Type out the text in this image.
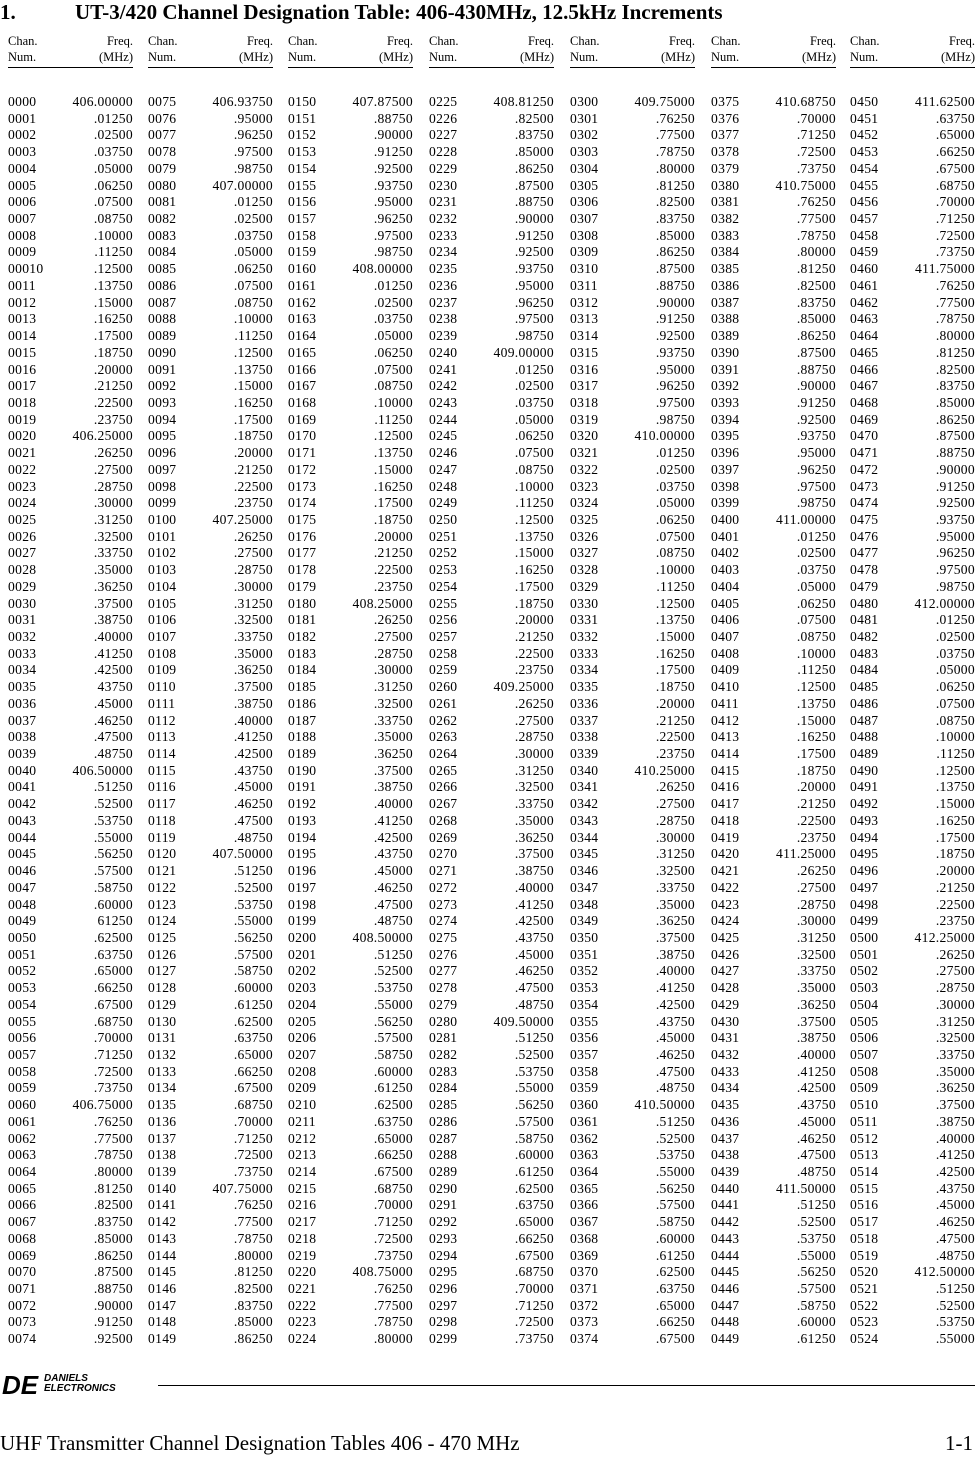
1.	UT-3/420 Channel Designation Table: 406-430MHz, 12.5kHz Increments
Chan.
Num.
Freq.
(MHz)
0000	406.00000
0001	.01250
0002	.02500
0003	.03750
0004	.05000
0005	.06250
0006	.07500
0007	.08750
0008	.10000
0009	.11250
00010	.12500
0011	.13750
0012	.15000
0013	.16250
0014	.17500
0015	.18750
0016	.20000
0017	.21250
0018	.22500
0019	.23750
0020	406.25000
0021	.26250
0022	.27500
0023	.28750
0024	.30000
0025	.31250
0026	.32500
0027	.33750
0028	.35000
0029	.36250
0030	.37500
0031	.38750
0032	.40000
0033	.41250
0034	.42500
0035	43750
0036	.45000
0037	.46250
0038	.47500
0039	.48750
0040	406.50000
0041	.51250
0042	.52500
0043	.53750
0044	.55000
0045	.56250
0046	.57500
0047	.58750
0048	.60000
0049	61250
0050	.62500
0051	.63750
0052	.65000
0053	.66250
0054	.67500
0055	.68750
0056	.70000
0057	.71250
0058	.72500
0059	.73750
0060	406.75000
0061	.76250
0062	.77500
0063	.78750
0064	.80000
0065	.81250
0066	.82500
0067	.83750
0068	.85000
0069	.86250
0070	.87500
0071	.88750
0072	.90000
0073	.91250
0074	.92500
Chan.
Num.
Freq.
(MHz)
0075	406.93750
0076	.95000
0077	.96250
0078	.97500
0079	.98750
0080	407.00000
0081	.01250
0082	.02500
0083	.03750
0084	.05000
0085	.06250
0086	.07500
0087	.08750
0088	.10000
0089	.11250
0090	.12500
0091	.13750
0092	.15000
0093	.16250
0094	.17500
0095	.18750
0096	.20000
0097	.21250
0098	.22500
0099	.23750
0100	407.25000
0101	.26250
0102	.27500
0103	.28750
0104	.30000
0105	.31250
0106	.32500
0107	.33750
0108	.35000
0109	.36250
0110	.37500
0111	.38750
0112	.40000
0113	.41250
0114	.42500
0115	.43750
0116	.45000
0117	.46250
0118	.47500
0119	.48750
0120	407.50000
0121	.51250
0122	.52500
0123	.53750
0124	.55000
0125	.56250
0126	.57500
0127	.58750
0128	.60000
0129	.61250
0130	.62500
0131	.63750
0132	.65000
0133	.66250
0134	.67500
0135	.68750
0136	.70000
0137	.71250
0138	.72500
0139	.73750
0140	407.75000
0141	.76250
0142	.77500
0143	.78750
0144	.80000
0145	.81250
0146	.82500
0147	.83750
0148	.85000
0149	.86250
Chan.
Num.
Freq.
(MHz)
0150	407.87500
0151	.88750
0152	.90000
0153	.91250
0154	.92500
0155	.93750
0156	.95000
0157	.96250
0158	.97500
0159	.98750
0160	408.00000
0161	.01250
0162	.02500
0163	.03750
0164	.05000
0165	.06250
0166	.07500
0167	.08750
0168	.10000
0169	.11250
0170	.12500
0171	.13750
0172	.15000
0173	.16250
0174	.17500
0175	.18750
0176	.20000
0177	.21250
0178	.22500
0179	.23750
0180	408.25000
0181	.26250
0182	.27500
0183	.28750
0184	.30000
0185	.31250
0186	.32500
0187	.33750
0188	.35000
0189	.36250
0190	.37500
0191	.38750
0192	.40000
0193	.41250
0194	.42500
0195	.43750
0196	.45000
0197	.46250
0198	.47500
0199	.48750
0200	408.50000
0201	.51250
0202	.52500
0203	.53750
0204	.55000
0205	.56250
0206	.57500
0207	.58750
0208	.60000
0209	.61250
0210	.62500
0211	.63750
0212	.65000
0213	.66250
0214	.67500
0215	.68750
0216	.70000
0217	.71250
0218	.72500
0219	.73750
0220	408.75000
0221	.76250
0222	.77500
0223	.78750
0224	.80000
Chan.
Num.
Freq.
(MHz)
0225	408.81250
0226	.82500
0227	.83750
0228	.85000
0229	.86250
0230	.87500
0231	.88750
0232	.90000
0233	.91250
0234	.92500
0235	.93750
0236	.95000
0237	.96250
0238	.97500
0239	.98750
0240	409.00000
0241	.01250
0242	.02500
0243	.03750
0244	.05000
0245	.06250
0246	.07500
0247	.08750
0248	.10000
0249	.11250
0250	.12500
0251	.13750
0252	.15000
0253	.16250
0254	.17500
0255	.18750
0256	.20000
0257	.21250
0258	.22500
0259	.23750
0260	409.25000
0261	.26250
0262	.27500
0263	.28750
0264	.30000
0265	.31250
0266	.32500
0267	.33750
0268	.35000
0269	.36250
0270	.37500
0271	.38750
0272	.40000
0273	.41250
0274	.42500
0275	.43750
0276	.45000
0277	.46250
0278	.47500
0279	.48750
0280	409.50000
0281	.51250
0282	.52500
0283	.53750
0284	.55000
0285	.56250
0286	.57500
0287	.58750
0288	.60000
0289	.61250
0290	.62500
0291	.63750
0292	.65000
0293	.66250
0294	.67500
0295	.68750
0296	.70000
0297	.71250
0298	.72500
0299	.73750
Chan.
Num.
Freq.
(MHz)
0300	409.75000
0301	.76250
0302	.77500
0303	.78750
0304	.80000
0305	.81250
0306	.82500
0307	.83750
0308	.85000
0309	.86250
0310	.87500
0311	.88750
0312	.90000
0313	.91250
0314	.92500
0315	.93750
0316	.95000
0317	.96250
0318	.97500
0319	.98750
0320	410.00000
0321	.01250
0322	.02500
0323	.03750
0324	.05000
0325	.06250
0326	.07500
0327	.08750
0328	.10000
0329	.11250
0330	.12500
0331	.13750
0332	.15000
0333	.16250
0334	.17500
0335	.18750
0336	.20000
0337	.21250
0338	.22500
0339	.23750
0340	410.25000
0341	.26250
0342	.27500
0343	.28750
0344	.30000
0345	.31250
0346	.32500
0347	.33750
0348	.35000
0349	.36250
0350	.37500
0351	.38750
0352	.40000
0353	.41250
0354	.42500
0355	.43750
0356	.45000
0357	.46250
0358	.47500
0359	.48750
0360	410.50000
0361	.51250
0362	.52500
0363	.53750
0364	.55000
0365	.56250
0366	.57500
0367	.58750
0368	.60000
0369	.61250
0370	.62500
0371	.63750
0372	.65000
0373	.66250
0374	.67500
Chan.
Num.
Freq.
(MHz)
0375	410.68750
0376	.70000
0377	.71250
0378	.72500
0379	.73750
0380	410.75000
0381	.76250
0382	.77500
0383	.78750
0384	.80000
0385	.81250
0386	.82500
0387	.83750
0388	.85000
0389	.86250
0390	.87500
0391	.88750
0392	.90000
0393	.91250
0394	.92500
0395	.93750
0396	.95000
0397	.96250
0398	.97500
0399	.98750
0400	411.00000
0401	.01250
0402	.02500
0403	.03750
0404	.05000
0405	.06250
0406	.07500
0407	.08750
0408	.10000
0409	.11250
0410	.12500
0411	.13750
0412	.15000
0413	.16250
0414	.17500
0415	.18750
0416	.20000
0417	.21250
0418	.22500
0419	.23750
0420	411.25000
0421	.26250
0422	.27500
0423	.28750
0424	.30000
0425	.31250
0426	.32500
0427	.33750
0428	.35000
0429	.36250
0430	.37500
0431	.38750
0432	.40000
0433	.41250
0434	.42500
0435	.43750
0436	.45000
0437	.46250
0438	.47500
0439	.48750
0440	411.50000
0441	.51250
0442	.52500
0443	.53750
0444	.55000
0445	.56250
0446	.57500
0447	.58750
0448	.60000
0449	.61250
Chan.
Num.
Freq.
(MHz)
0450	411.62500
0451	.63750
0452	.65000
0453	.66250
0454	.67500
0455	.68750
0456	.70000
0457	.71250
0458	.72500
0459	.73750
0460	411.75000
0461	.76250
0462	.77500
0463	.78750
0464	.80000
0465	.81250
0466	.82500
0467	.83750
0468	.85000
0469	.86250
0470	.87500
0471	.88750
0472	.90000
0473	.91250
0474	.92500
0475	.93750
0476	.95000
0477	.96250
0478	.97500
0479	.98750
0480	412.00000
0481	.01250
0482	.02500
0483	.03750
0484	.05000
0485	.06250
0486	.07500
0487	.08750
0488	.10000
0489	.11250
0490	.12500
0491	.13750
0492	.15000
0493	.16250
0494	.17500
0495	.18750
0496	.20000
0497	.21250
0498	.22500
0499	.23750
0500	412.25000
0501	.26250
0502	.27500
0503	.28750
0504	.30000
0505	.31250
0506	.32500
0507	.33750
0508	.35000
0509	.36250
0510	.37500
0511	.38750
0512	.40000
0513	.41250
0514	.42500
0515	.43750
0516	.45000
0517	.46250
0518	.47500
0519	.48750
0520	412.50000
0521	.51250
0522	.52500
0523	.53750
0524	.55000
DE DANIELS
ELECTRONICS
UHF Transmitter Channel Designation Tables 406 - 470 MHz	1-1
